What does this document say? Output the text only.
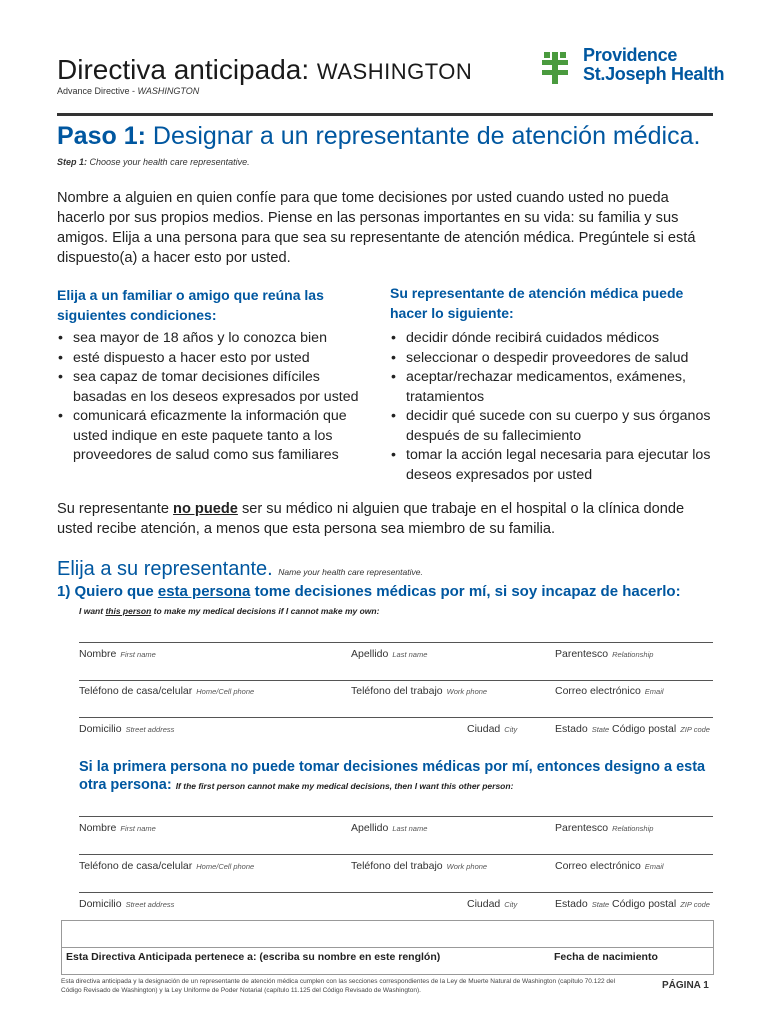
Directiva anticipada: WASHINGTON
Advance Directive - WASHINGTON
Providence
St.Joseph Health
Paso 1: Designar a un representante de atención médica.
Step 1: Choose your health care representative.
Nombre a alguien en quien confíe para que tome decisiones por usted cuando usted no pueda hacerlo por sus propios medios. Piense en las personas importantes en su vida: su familia y sus amigos. Elija a una persona para que sea su representante de atención médica. Pregúntele si está dispuesto(a) a hacer esto por usted.
Elija a un familiar o amigo que reúna las siguientes condiciones:
• sea mayor de 18 años y lo conozca bien
• esté dispuesto a hacer esto por usted
• sea capaz de tomar decisiones difíciles basadas en los deseos expresados por usted
• comunicará eficazmente la información que usted indique en este paquete tanto a los proveedores de salud como sus familiares
Su representante de atención médica puede hacer lo siguiente:
• decidir dónde recibirá cuidados médicos
• seleccionar o despedir proveedores de salud
• aceptar/rechazar medicamentos, exámenes, tratamientos
• decidir qué sucede con su cuerpo y sus órganos después de su fallecimiento
• tomar la acción legal necesaria para ejecutar los deseos expresados por usted
Su representante no puede ser su médico ni alguien que trabaje en el hospital o la clínica donde usted recibe atención, a menos que esta persona sea miembro de su familia.
Elija a su representante. Name your health care representative.
1) Quiero que esta persona tome decisiones médicas por mí, si soy incapaz de hacerlo:
I want this person to make my medical decisions if I cannot make my own:
Nombre First name	Apellido Last name	Parentesco Relationship
Teléfono de casa/celular Home/Cell phone	Teléfono del trabajo Work phone	Correo electrónico Email
Domicilio Street address	Ciudad City	Estado State Código postal ZIP code
Si la primera persona no puede tomar decisiones médicas por mí, entonces designo a esta otra persona: If the first person cannot make my medical decisions, then I want this other person:
Nombre First name	Apellido Last name	Parentesco Relationship
Teléfono de casa/celular Home/Cell phone	Teléfono del trabajo Work phone	Correo electrónico Email
Domicilio Street address	Ciudad City	Estado State Código postal ZIP code
Esta Directiva Anticipada pertenece a: (escriba su nombre en este renglón)	Fecha de nacimiento
Esta directiva anticipada y la designación de un representante de atención médica cumplen con las secciones correspondientes de la Ley de Muerte Natural de Washington (capítulo 70.122 del Código Revisado de Washington) y la Ley Uniforme de Poder Notarial (capítulo 11.125 del Código Revisado de Washington).	PÁGINA 1
